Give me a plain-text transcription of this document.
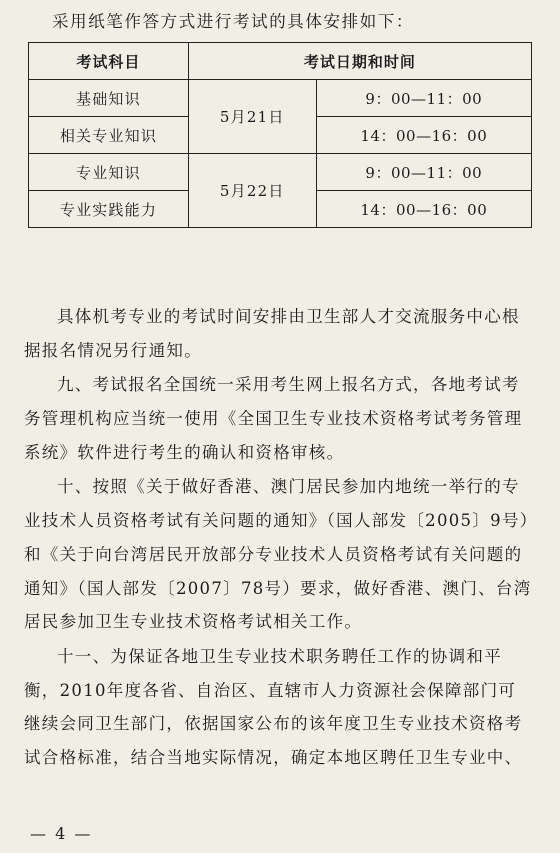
采用纸笔作答方式进行考试的具体安排如下：
考试科目	考试日期和时间	
基础知识	5月21日	9：00—11：00
相关专业知识		14：00—16：00
专业知识	5月22日	9：00—11：00
专业实践能力		14：00—16：00
具体机考专业的考试时间安排由卫生部人才交流服务中心根
据报名情况另行通知。
九、考试报名全国统一采用考生网上报名方式，各地考试考
务管理机构应当统一使用《全国卫生专业技术资格考试考务管理
系统》软件进行考生的确认和资格审核。
十、按照《关于做好香港、澳门居民参加内地统一举行的专
业技术人员资格考试有关问题的通知》（国人部发〔2005〕9号）
和《关于向台湾居民开放部分专业技术人员资格考试有关问题的
通知》（国人部发〔2007〕78号）要求，做好香港、澳门、台湾
居民参加卫生专业技术资格考试相关工作。
十一、为保证各地卫生专业技术职务聘任工作的协调和平
衡，2010年度各省、自治区、直辖市人力资源社会保障部门可
继续会同卫生部门，依据国家公布的该年度卫生专业技术资格考
试合格标准，结合当地实际情况，确定本地区聘任卫生专业中、
— 4 —
